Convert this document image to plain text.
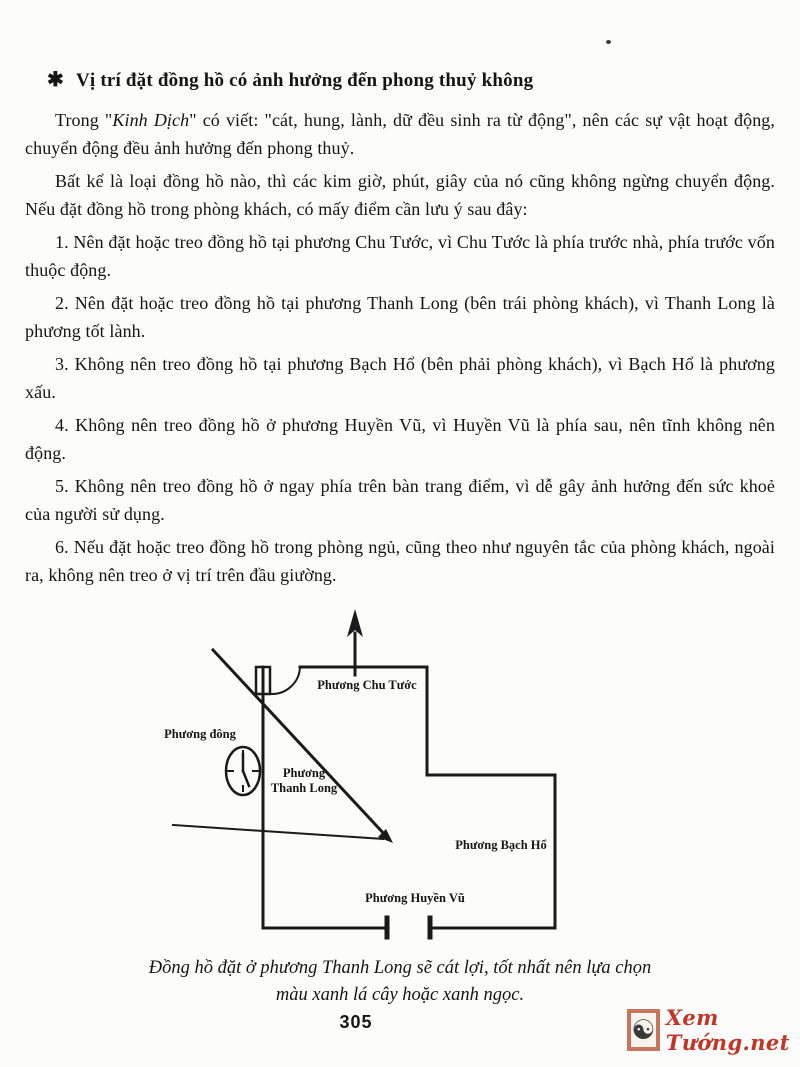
✱ Vị trí đặt đồng hồ có ảnh hưởng đến phong thuỷ không

Trong "Kinh Dịch" có viết: "cát, hung, lành, dữ đều sinh ra từ động", nên các sự vật hoạt động, chuyển động đều ảnh hưởng đến phong thuỷ.

Bất kể là loại đồng hồ nào, thì các kim giờ, phút, giây của nó cũng không ngừng chuyển động. Nếu đặt đồng hồ trong phòng khách, có mấy điểm cần lưu ý sau đây:

1. Nên đặt hoặc treo đồng hồ tại phương Chu Tước, vì Chu Tước là phía trước nhà, phía trước vốn thuộc động.

2. Nên đặt hoặc treo đồng hồ tại phương Thanh Long (bên trái phòng khách), vì Thanh Long là phương tốt lành.

3. Không nên treo đồng hồ tại phương Bạch Hổ (bên phải phòng khách), vì Bạch Hổ là phương xấu.

4. Không nên treo đồng hồ ở phương Huyền Vũ, vì Huyền Vũ là phía sau, nên tĩnh không nên động.

5. Không nên treo đồng hồ ở ngay phía trên bàn trang điểm, vì dễ gây ảnh hưởng đến sức khoẻ của người sử dụng.

6. Nếu đặt hoặc treo đồng hồ trong phòng ngủ, cũng theo như nguyên tắc của phòng khách, ngoài ra, không nên treo ở vị trí trên đầu giường.

Phương Chu Tước
Phương đông
Phương
Thanh Long
Phương Bạch Hổ
Phương Huyền Vũ

Đồng hồ đặt ở phương Thanh Long sẽ cát lợi, tốt nhất nên lựa chọn
màu xanh lá cây hoặc xanh ngọc.

305	☯ Xem Tướng.net
